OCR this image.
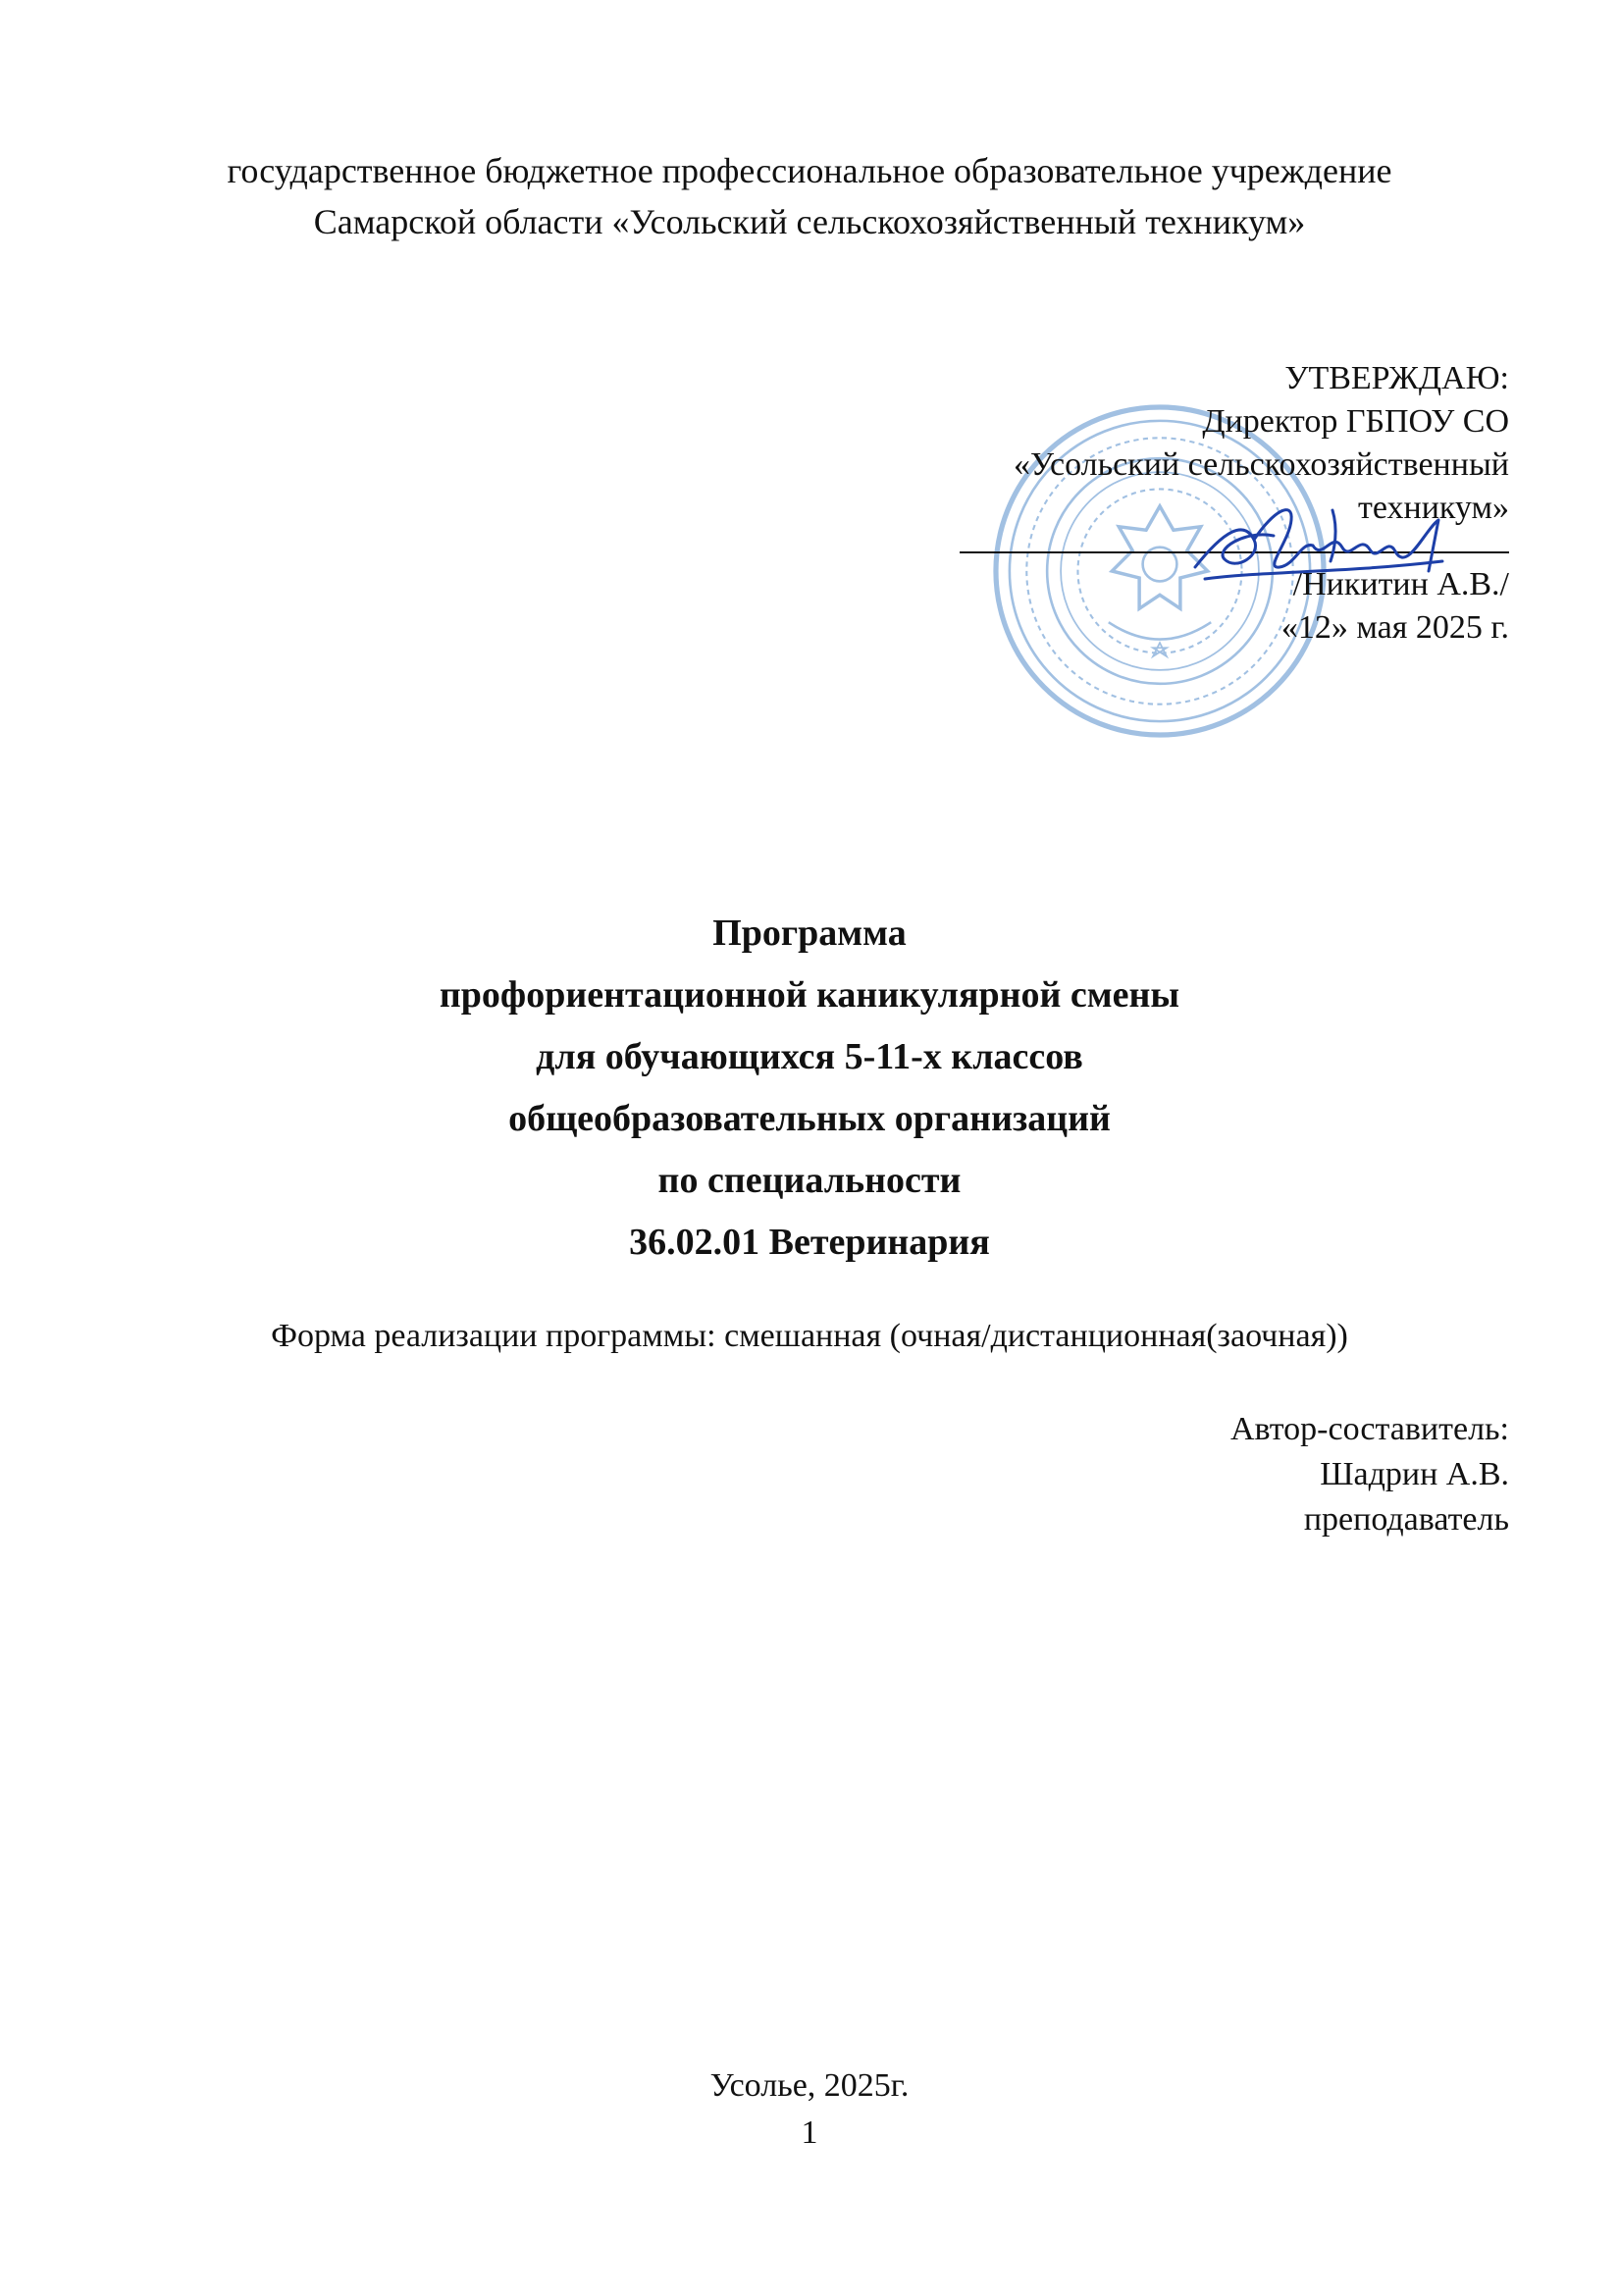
государственное бюджетное профессиональное образовательное учреждение
Самарской области «Усольский сельскохозяйственный техникум»
УТВЕРЖДАЮ:
Директор ГБПОУ СО
«Усольский сельскохозяйственный
техникум»
/Никитин А.В./
«12» мая 2025 г.
Программа
профориентационной каникулярной смены
для обучающихся 5-11-х классов
общеобразовательных организаций
по специальности
36.02.01 Ветеринария
Форма реализации программы: смешанная (очная/дистанционная(заочная))
Автор-составитель:
Шадрин А.В.
преподаватель
Усолье, 2025г.
1
